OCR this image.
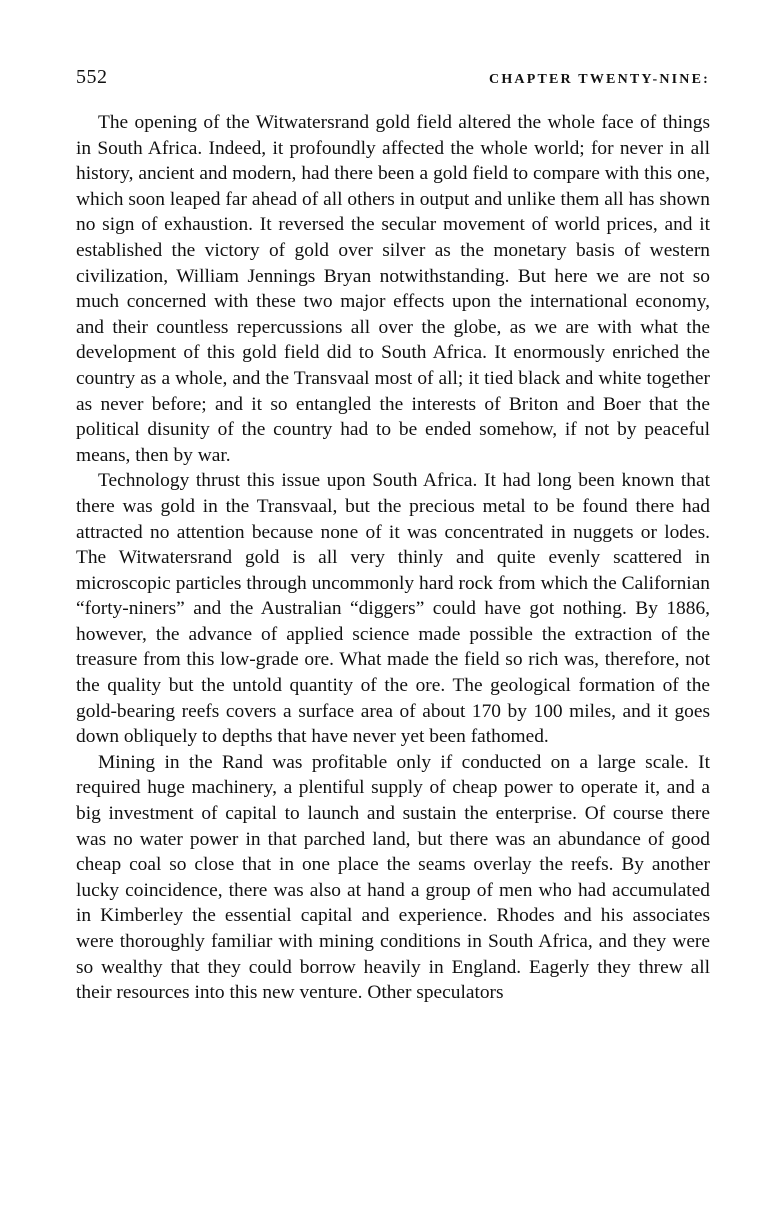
552	CHAPTER TWENTY-NINE:

The opening of the Witwatersrand gold field altered the whole face of things in South Africa. Indeed, it profoundly affected the whole world; for never in all history, ancient and modern, had there been a gold field to compare with this one, which soon leaped far ahead of all others in output and unlike them all has shown no sign of exhaustion. It reversed the secular movement of world prices, and it established the victory of gold over silver as the monetary basis of western civilization, William Jennings Bryan notwithstanding. But here we are not so much concerned with these two major effects upon the international economy, and their countless repercussions all over the globe, as we are with what the development of this gold field did to South Africa. It enormously enriched the country as a whole, and the Transvaal most of all; it tied black and white together as never before; and it so entangled the interests of Briton and Boer that the political disunity of the country had to be ended somehow, if not by peaceful means, then by war.

Technology thrust this issue upon South Africa. It had long been known that there was gold in the Transvaal, but the precious metal to be found there had attracted no attention because none of it was concentrated in nuggets or lodes. The Witwatersrand gold is all very thinly and quite evenly scattered in microscopic particles through uncommonly hard rock from which the Californian “forty-niners” and the Australian “diggers” could have got nothing. By 1886, however, the advance of applied science made possible the extraction of the treasure from this low-grade ore. What made the field so rich was, therefore, not the quality but the untold quantity of the ore. The geological formation of the gold-bearing reefs covers a surface area of about 170 by 100 miles, and it goes down obliquely to depths that have never yet been fathomed.

Mining in the Rand was profitable only if conducted on a large scale. It required huge machinery, a plentiful supply of cheap power to operate it, and a big investment of capital to launch and sustain the enterprise. Of course there was no water power in that parched land, but there was an abundance of good cheap coal so close that in one place the seams overlay the reefs. By another lucky coincidence, there was also at hand a group of men who had accumulated in Kimberley the essential capital and experience. Rhodes and his associates were thoroughly familiar with mining conditions in South Africa, and they were so wealthy that they could borrow heavily in England. Eagerly they threw all their resources into this new venture. Other speculators
